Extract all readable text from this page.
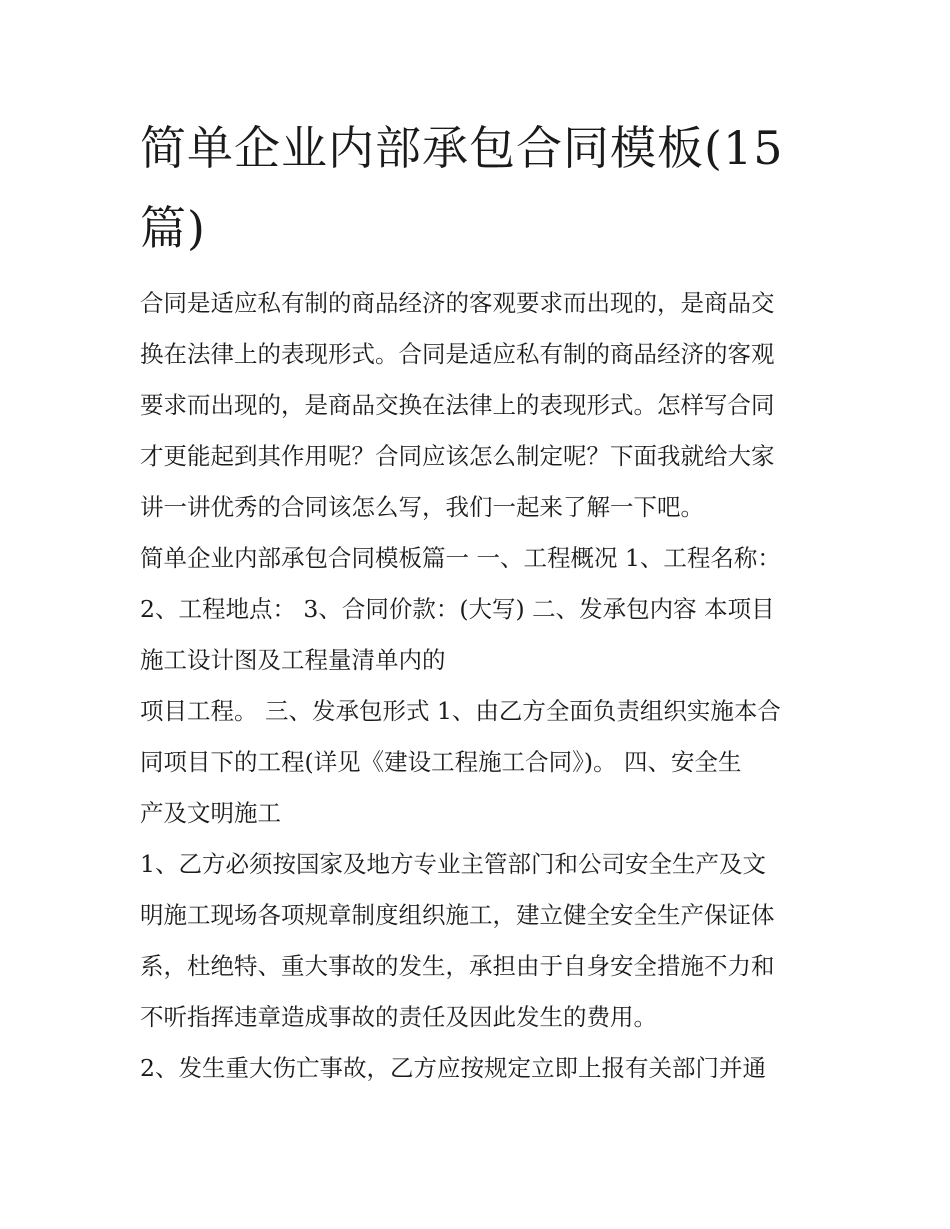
简单企业内部承包合同模板(15
篇)
合同是适应私有制的商品经济的客观要求而出现的，是商品交
换在法律上的表现形式。合同是适应私有制的商品经济的客观
要求而出现的，是商品交换在法律上的表现形式。怎样写合同
才更能起到其作用呢？合同应该怎么制定呢？下面我就给大家
讲一讲优秀的合同该怎么写，我们一起来了解一下吧。
简单企业内部承包合同模板篇一 一、工程概况 1、工程名称：
2、工程地点： 3、合同价款：(大写) 二、发承包内容 本项目
施工设计图及工程量清单内的
项目工程。 三、发承包形式 1、由乙方全面负责组织实施本合
同项目下的工程(详见《建设工程施工合同》)。 四、安全生
产及文明施工
1、乙方必须按国家及地方专业主管部门和公司安全生产及文
明施工现场各项规章制度组织施工，建立健全安全生产保证体
系，杜绝特、重大事故的发生，承担由于自身安全措施不力和
不听指挥违章造成事故的责任及因此发生的费用。
2、发生重大伤亡事故，乙方应按规定立即上报有关部门并通
